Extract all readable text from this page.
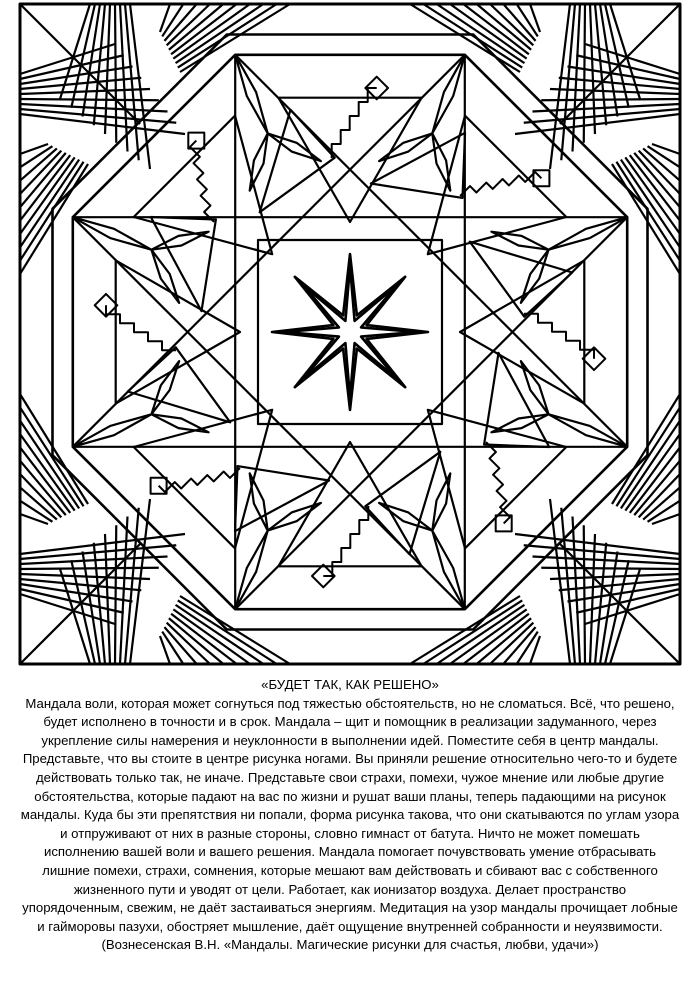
«БУДЕТ ТАК, КАК РЕШЕНО»
Мандала воли, которая может согнуться под тяжестью обстоятельств, но не сломаться. Всё, что решено,
будет исполнено в точности и в срок. Мандала – щит и помощник в реализации задуманного, через
укрепление силы намерения и неуклонности в выполнении идей. Поместите себя в центр мандалы.
Представьте, что вы стоите в центре рисунка ногами. Вы приняли решение относительно чего-то и будете
действовать только так, не иначе. Представьте свои страхи, помехи, чужое мнение или любые другие
обстоятельства, которые падают на вас по жизни и рушат ваши планы, теперь падающими на рисунок
мандалы. Куда бы эти препятствия ни попали, форма рисунка такова, что они скатываются по углам узора
и отпруживают от них в разные стороны, словно гимнаст от батута. Ничто не может помешать
исполнению вашей воли и вашего решения. Мандала помогает почувствовать умение отбрасывать
лишние помехи, страхи, сомнения, которые мешают вам действовать и сбивают вас с собственного
жизненного пути и уводят от цели. Работает, как ионизатор воздуха. Делает пространство
упорядоченным, свежим, не даёт застаиваться энергиям. Медитация на узор мандалы прочищает лобные
и гайморовы пазухи, обостряет мышление, даёт ощущение внутренней собранности и неуязвимости.
(Вознесенская В.Н. «Мандалы. Магические рисунки для счастья, любви, удачи»)
